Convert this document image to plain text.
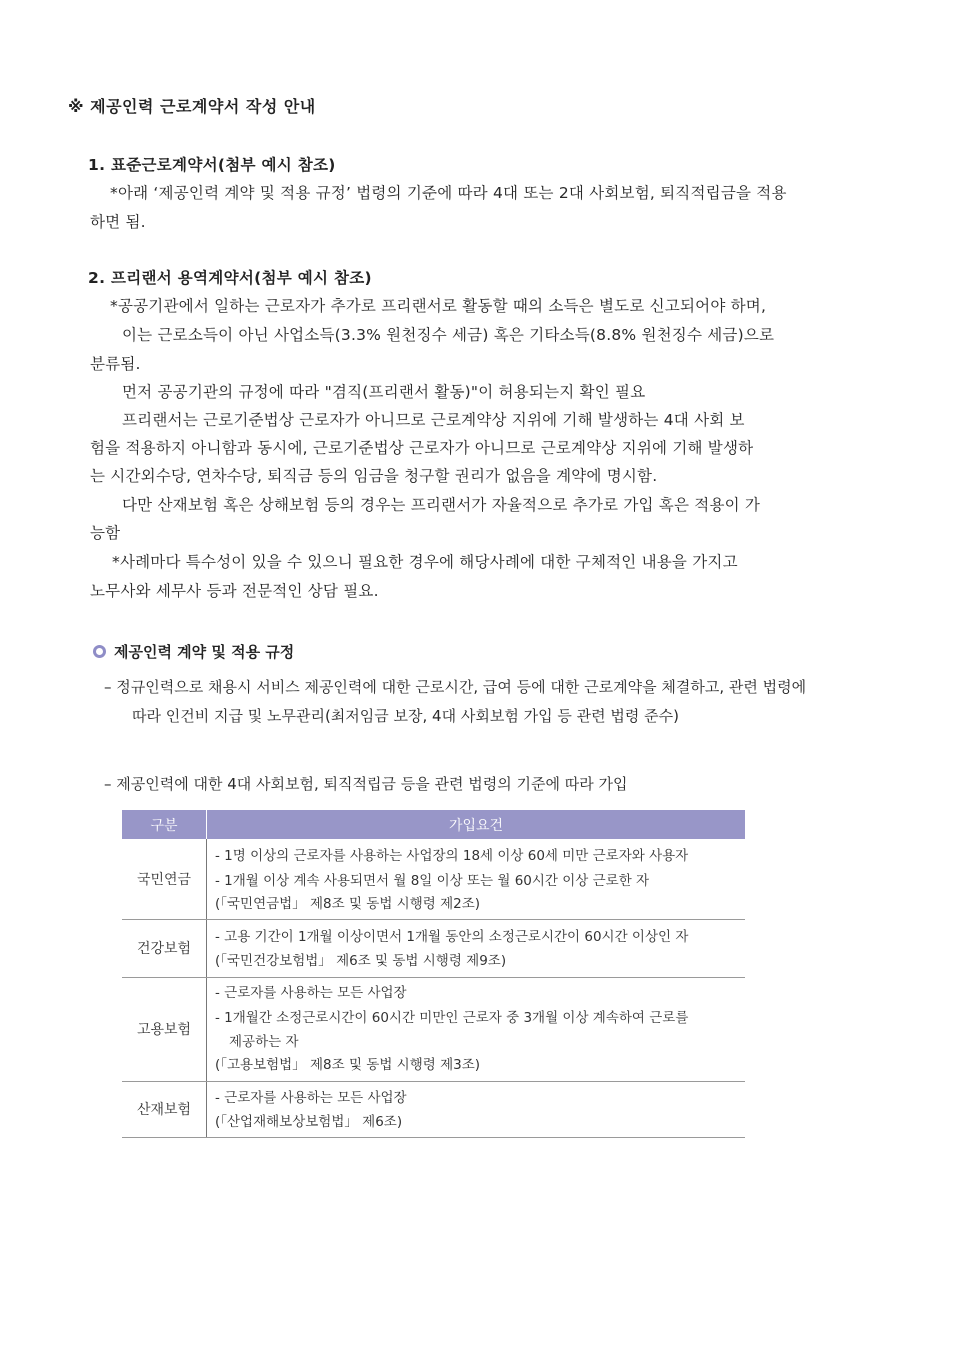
※ 제공인력 근로계약서 작성 안내
1. 표준근로계약서(첨부 예시 참조)
*아래 ‘제공인력 계약 및 적용 규정’ 법령의 기준에 따라 4대 또는 2대 사회보험, 퇴직적립금을 적용
하면 됨.
2. 프리랜서 용역계약서(첨부 예시 참조)
*공공기관에서 일하는 근로자가 추가로 프리랜서로 활동할 때의 소득은 별도로 신고되어야 하며,
이는 근로소득이 아닌 사업소득(3.3% 원천징수 세금) 혹은 기타소득(8.8% 원천징수 세금)으로
분류됨.
먼저 공공기관의 규정에 따라 "겸직(프리랜서 활동)"이 허용되는지 확인 필요
프리랜서는 근로기준법상 근로자가 아니므로 근로계약상 지위에 기해 발생하는 4대 사회 보
험을 적용하지 아니함과 동시에, 근로기준법상 근로자가 아니므로 근로계약상 지위에 기해 발생하
는 시간외수당, 연차수당, 퇴직금 등의 임금을 청구할 권리가 없음을 계약에 명시함.
다만 산재보험 혹은 상해보험 등의 경우는 프리랜서가 자율적으로 추가로 가입 혹은 적용이 가
능함
*사례마다 특수성이 있을 수 있으니 필요한 경우에 해당사례에 대한 구체적인 내용을 가지고
노무사와 세무사 등과 전문적인 상담 필요.
제공인력 계약 및 적용 규정
– 정규인력으로 채용시 서비스 제공인력에 대한 근로시간, 급여 등에 대한 근로계약을 체결하고, 관련 법령에
따라 인건비 지급 및 노무관리(최저임금 보장, 4대 사회보험 가입 등 관련 법령 준수)
– 제공인력에 대한 4대 사회보험, 퇴직적립금 등을 관련 법령의 기준에 따라 가입
구분	가입요건
국민연금	- 1명 이상의 근로자를 사용하는 사업장의 18세 이상 60세 미만 근로자와 사용자
- 1개월 이상 계속 사용되면서 월 8일 이상 또는 월 60시간 이상 근로한 자
(「국민연금법」 제8조 및 동법 시행령 제2조)

건강보험	- 고용 기간이 1개월 이상이면서 1개월 동안의 소정근로시간이 60시간 이상인 자
(「국민건강보험법」 제6조 및 동법 시행령 제9조)

고용보험	- 근로자를 사용하는 모든 사업장
- 1개월간 소정근로시간이 60시간 미만인 근로자 중 3개월 이상 계속하여 근로를
제공하는 자
(「고용보험법」 제8조 및 동법 시행령 제3조)

산재보험	- 근로자를 사용하는 모든 사업장
(「산업재해보상보험법」 제6조)
